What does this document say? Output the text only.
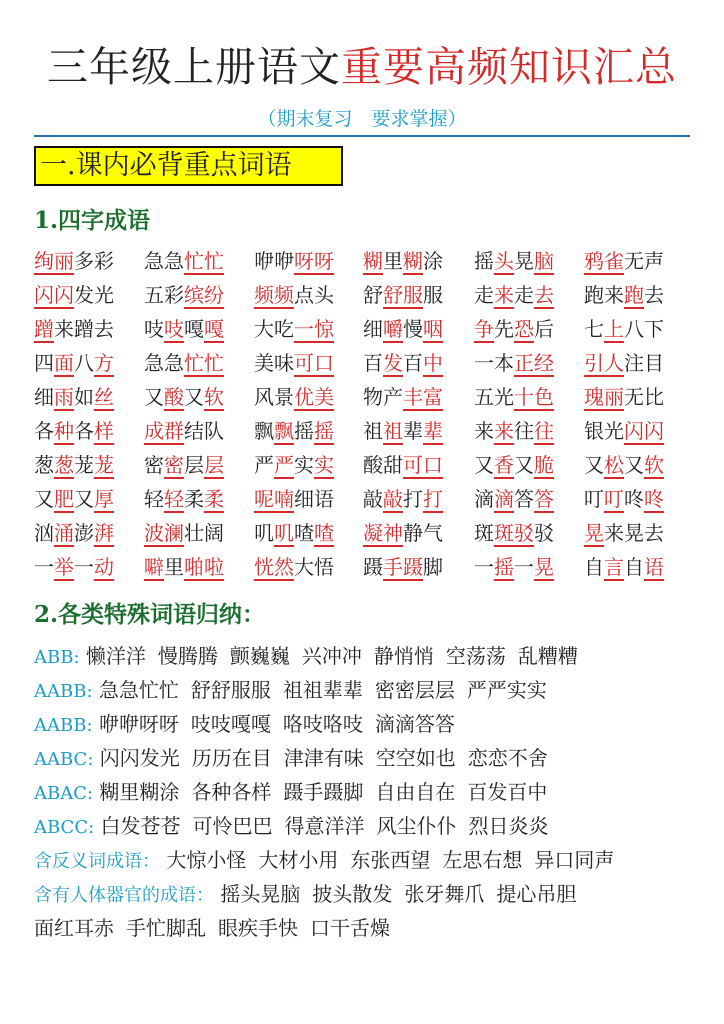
三年级上册语文重要高频知识汇总
（期末复习　要求掌握）
一.课内必背重点词语
1.四字成语
绚丽多彩 急急忙忙 咿咿呀呀 糊里糊涂 摇头晃脑 鸦雀无声
闪闪发光 五彩缤纷 频频点头 舒舒服服 走来走去 跑来跑去
蹭来蹭去 吱吱嘎嘎 大吃一惊 细嚼慢咽 争先恐后 七上八下
四面八方 急急忙忙 美味可口 百发百中 一本正经 引人注目
细雨如丝 又酸又软 风景优美 物产丰富 五光十色 瑰丽无比
各种各样 成群结队 飘飘摇摇 祖祖辈辈 来来往往 银光闪闪
葱葱茏茏 密密层层 严严实实 酸甜可口 又香又脆 又松又软
又肥又厚 轻轻柔柔 呢喃细语 敲敲打打 滴滴答答 叮叮咚咚
汹涌澎湃 波澜壮阔 叽叽喳喳 凝神静气 斑斑驳驳 晃来晃去
一举一动 噼里啪啦 恍然大悟 蹑手蹑脚 一摇一晃 自言自语
2.各类特殊词语归纳：
ABB: 懒洋洋 慢腾腾 颤巍巍 兴冲冲 静悄悄 空荡荡 乱糟糟
AABB: 急急忙忙 舒舒服服 祖祖辈辈 密密层层 严严实实
AABB: 咿咿呀呀 吱吱嘎嘎 咯吱咯吱 滴滴答答
AABC: 闪闪发光 历历在目 津津有味 空空如也 恋恋不舍
ABAC: 糊里糊涂 各种各样 蹑手蹑脚 自由自在 百发百中
ABCC: 白发苍苍 可怜巴巴 得意洋洋 风尘仆仆 烈日炎炎
含反义词成语： 大惊小怪 大材小用 东张西望 左思右想 异口同声
含有人体器官的成语： 摇头晃脑 披头散发 张牙舞爪 提心吊胆
面红耳赤 手忙脚乱 眼疾手快 口干舌燥
